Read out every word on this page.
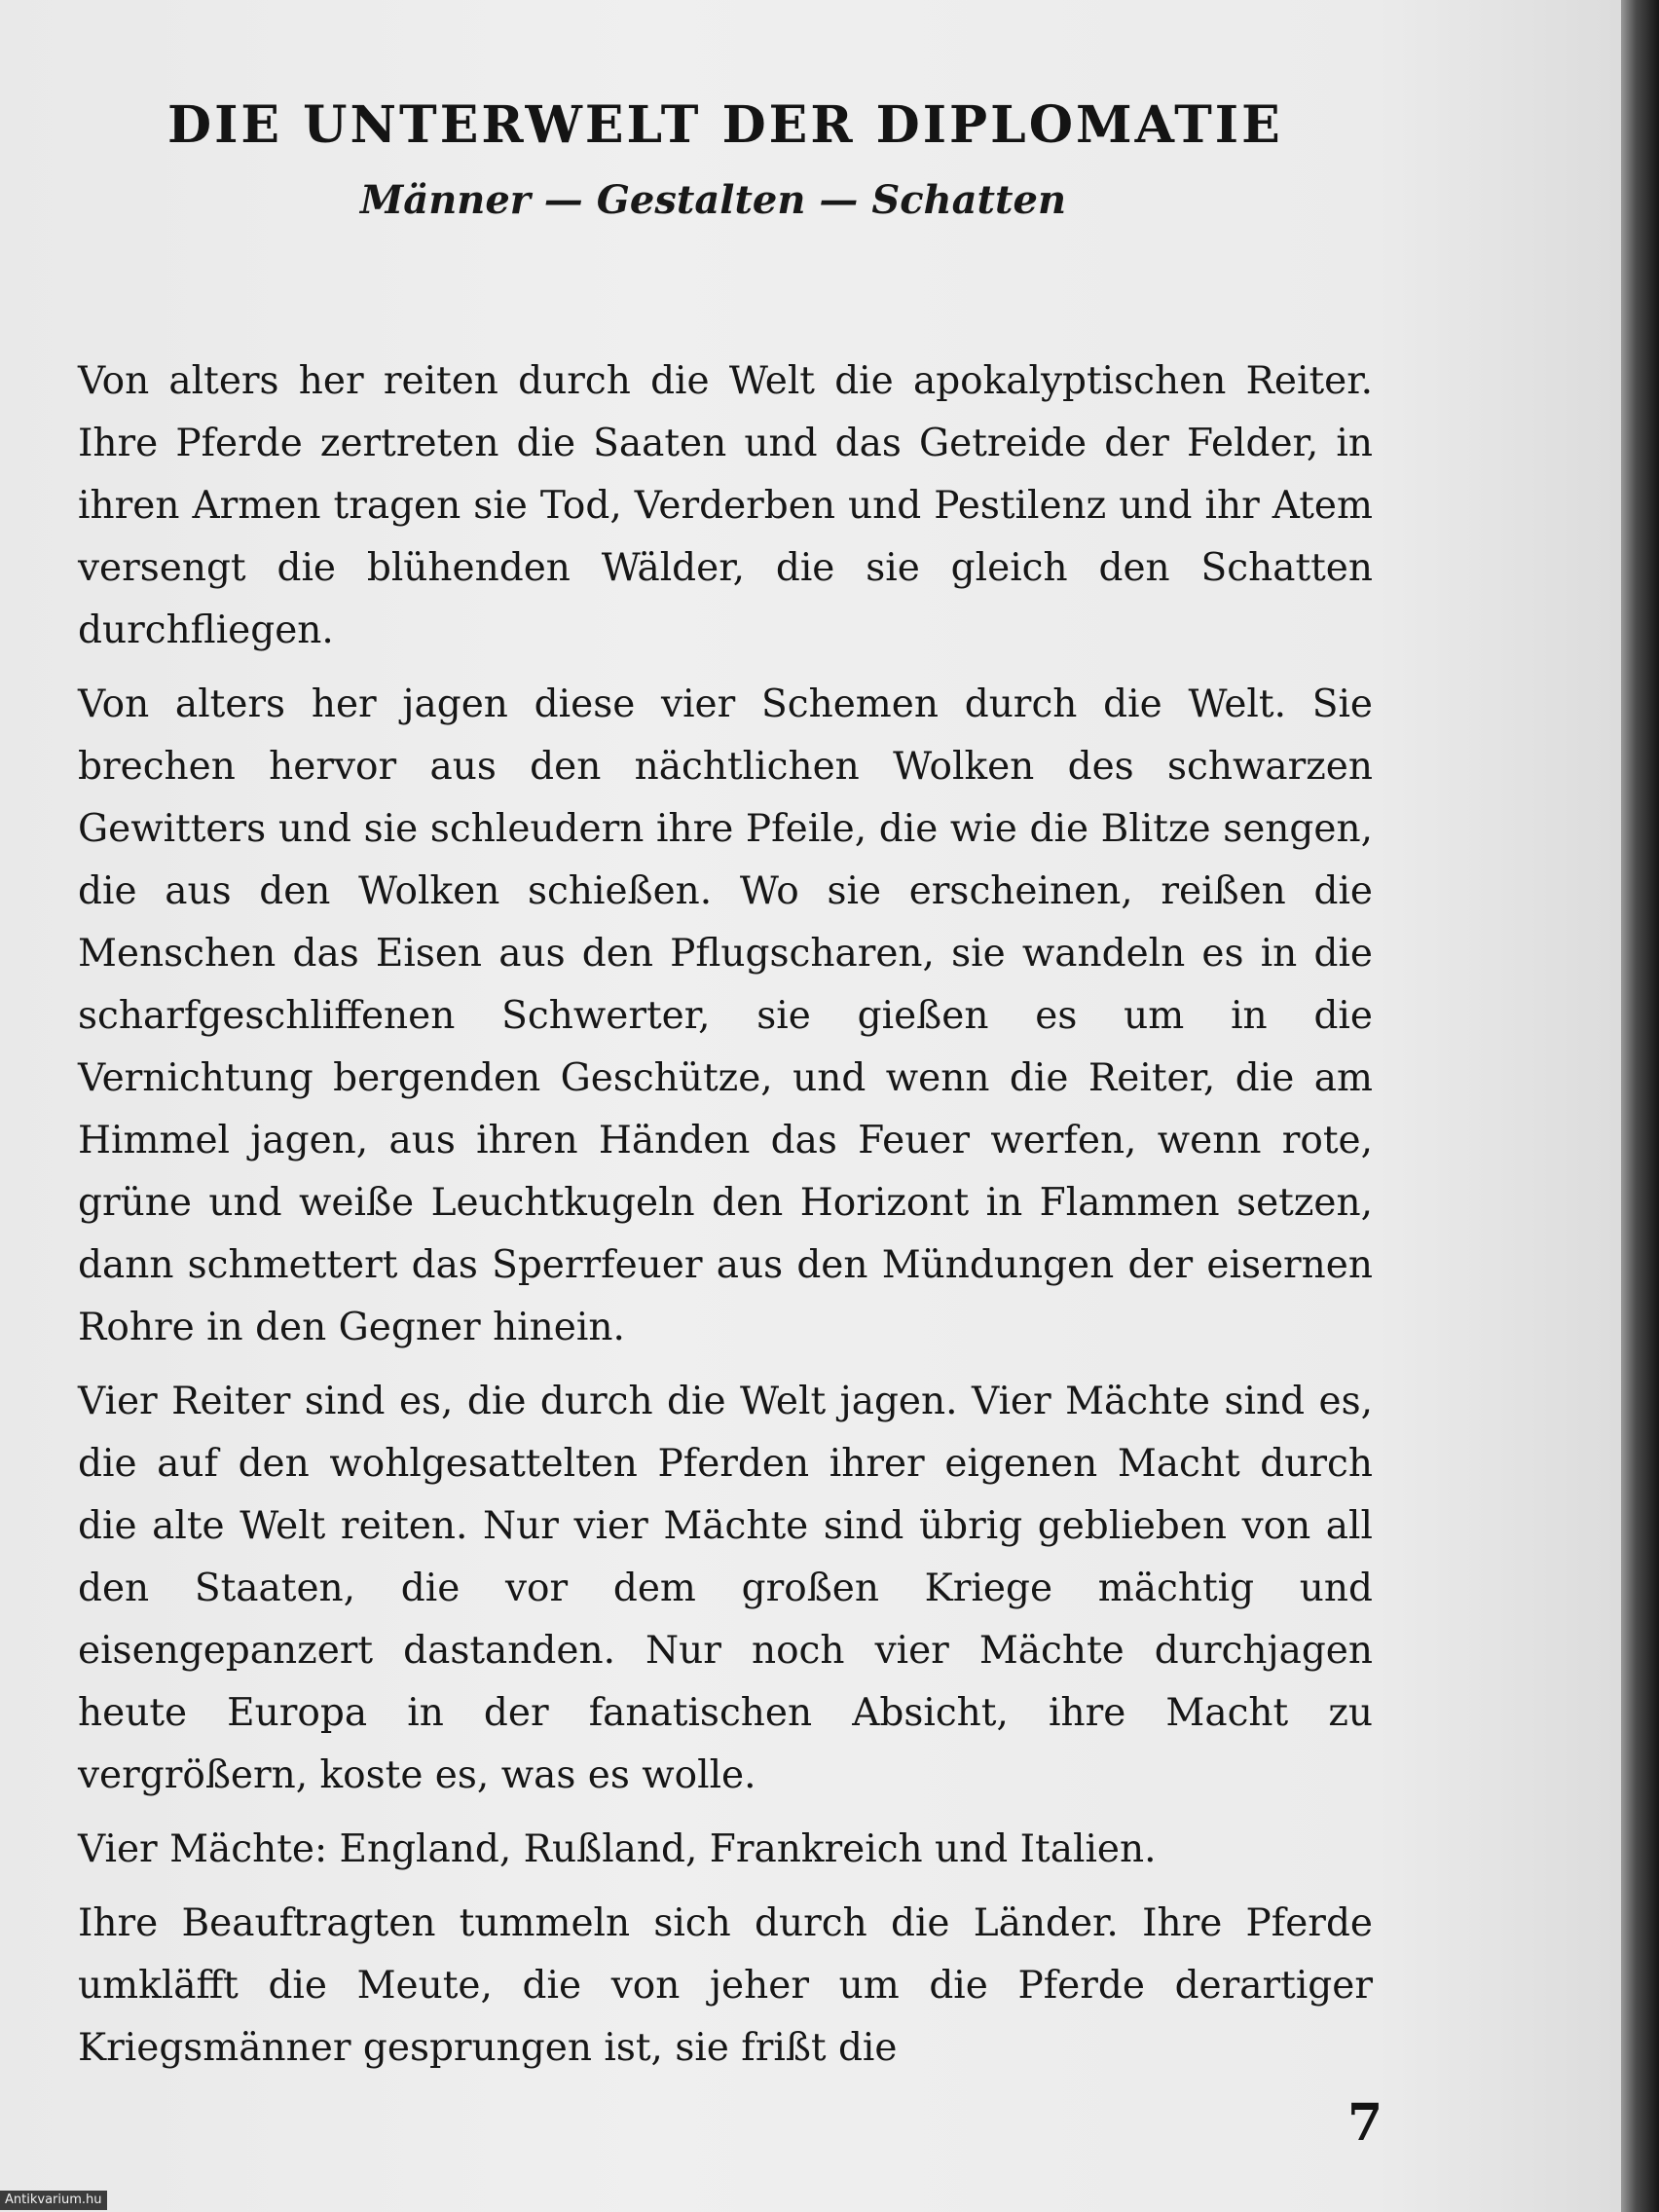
DIE UNTERWELT DER DIPLOMATIE
Männer — Gestalten — Schatten

Von alters her reiten durch die Welt die apokalyptischen Reiter. Ihre Pferde zertreten die Saaten und das Getreide der Felder, in ihren Armen tragen sie Tod, Verderben und Pestilenz und ihr Atem versengt die blühenden Wälder, die sie gleich den Schatten durchfliegen.

Von alters her jagen diese vier Schemen durch die Welt. Sie brechen hervor aus den nächtlichen Wolken des schwarzen Gewitters und sie schleudern ihre Pfeile, die wie die Blitze sengen, die aus den Wolken schießen. Wo sie erscheinen, reißen die Menschen das Eisen aus den Pflugscharen, sie wandeln es in die scharfgeschliffenen Schwerter, sie gießen es um in die Vernichtung bergenden Geschütze, und wenn die Reiter, die am Himmel jagen, aus ihren Händen das Feuer werfen, wenn rote, grüne und weiße Leuchtkugeln den Horizont in Flammen setzen, dann schmettert das Sperrfeuer aus den Mündungen der eisernen Rohre in den Gegner hinein.

Vier Reiter sind es, die durch die Welt jagen. Vier Mächte sind es, die auf den wohlgesattelten Pferden ihrer eigenen Macht durch die alte Welt reiten. Nur vier Mächte sind übrig geblieben von all den Staaten, die vor dem großen Kriege mächtig und eisengepanzert dastanden. Nur noch vier Mächte durchjagen heute Europa in der fanatischen Absicht, ihre Macht zu vergrößern, koste es, was es wolle.

Vier Mächte: England, Rußland, Frankreich und Italien.

Ihre Beauftragten tummeln sich durch die Länder. Ihre Pferde umkläfft die Meute, die von jeher um die Pferde derartiger Kriegsmänner gesprungen ist, sie frißt die

7
Antikvarium.hu
